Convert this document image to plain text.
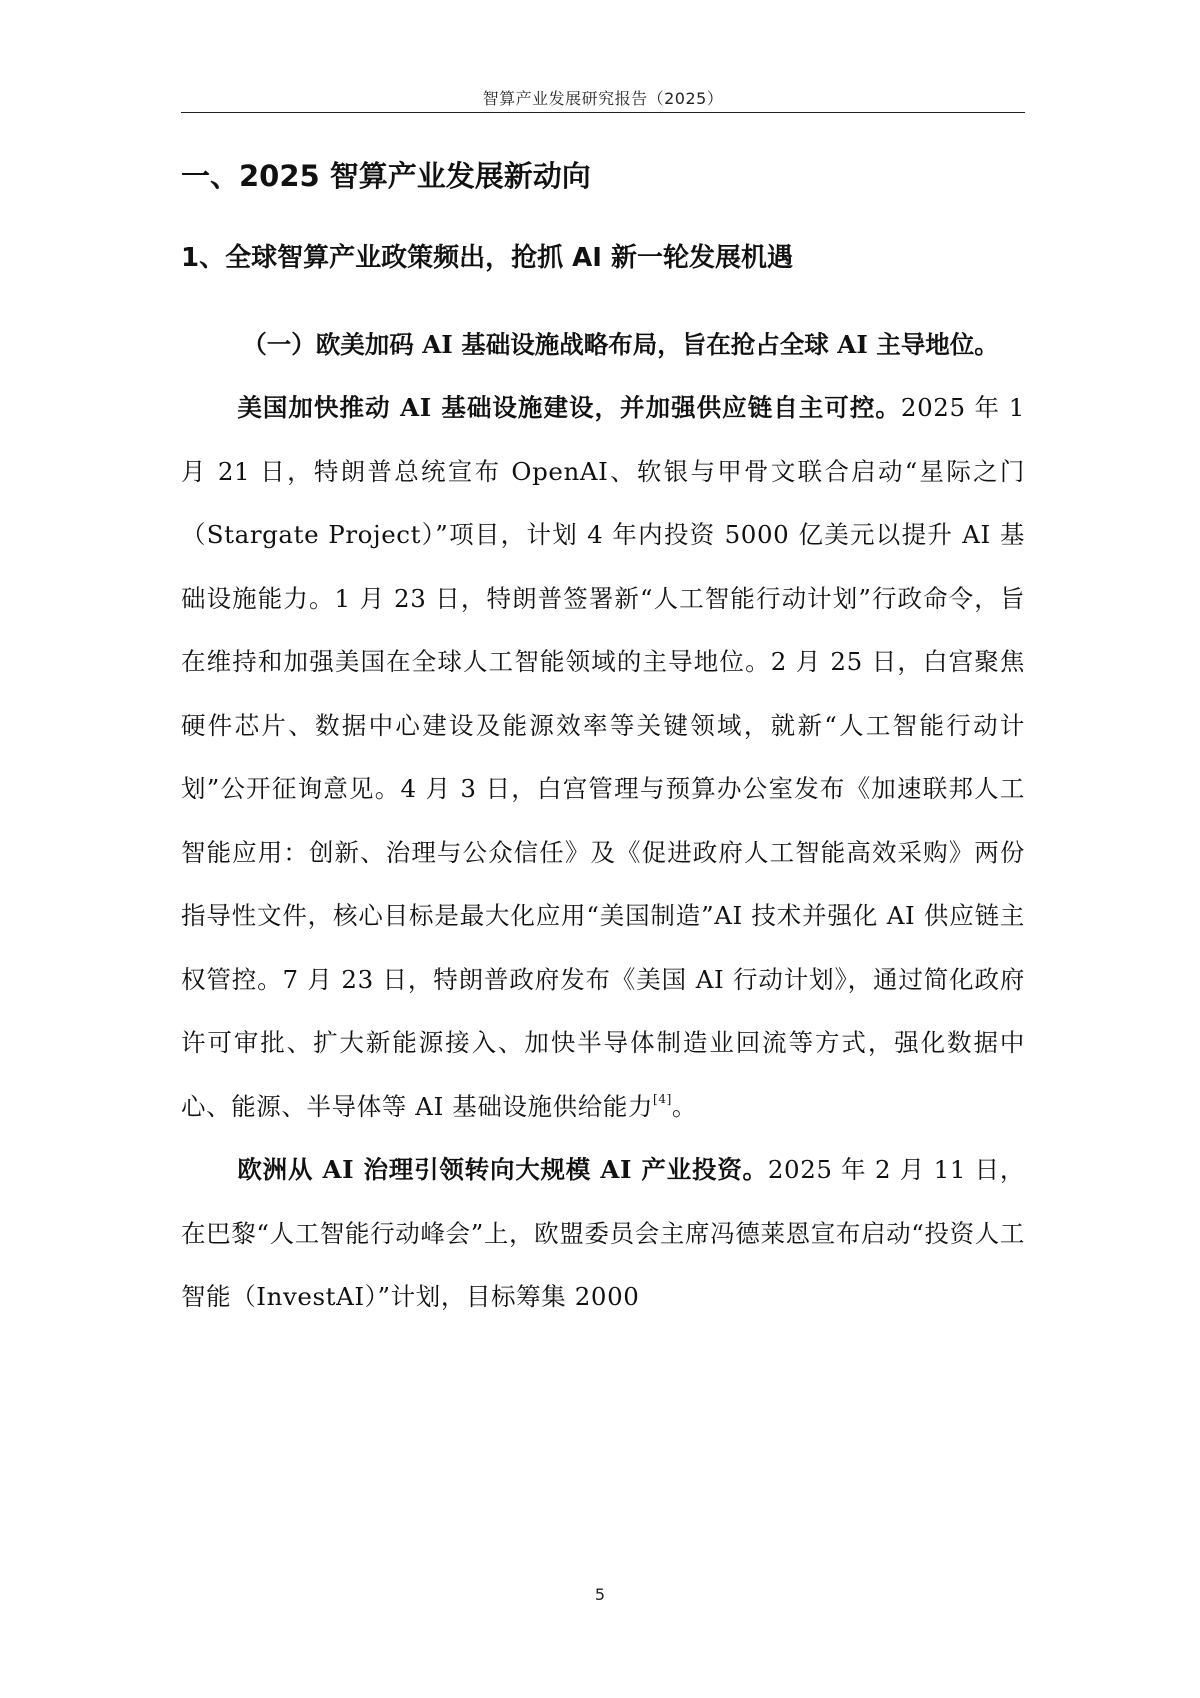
智算产业发展研究报告（2025）
一、2025 智算产业发展新动向
1、全球智算产业政策频出，抢抓 AI 新一轮发展机遇
（一）欧美加码 AI 基础设施战略布局，旨在抢占全球 AI 主导地位。

美国加快推动 AI 基础设施建设，并加强供应链自主可控。2025 年 1 月 21 日，特朗普总统宣布 OpenAI、软银与甲骨文联合启动“星际之门（Stargate Project）”项目，计划 4 年内投资 5000 亿美元以提升 AI 基础设施能力。1 月 23 日，特朗普签署新“人工智能行动计划”行政命令，旨在维持和加强美国在全球人工智能领域的主导地位。2 月 25 日，白宫聚焦硬件芯片、数据中心建设及能源效率等关键领域，就新“人工智能行动计划”公开征询意见。4 月 3 日，白宫管理与预算办公室发布《加速联邦人工智能应用：创新、治理与公众信任》及《促进政府人工智能高效采购》两份指导性文件，核心目标是最大化应用“美国制造”AI 技术并强化 AI 供应链主权管控。7 月 23 日，特朗普政府发布《美国 AI 行动计划》，通过简化政府许可审批、扩大新能源接入、加快半导体制造业回流等方式，强化数据中心、能源、半导体等 AI 基础设施供给能力[4]。

欧洲从 AI 治理引领转向大规模 AI 产业投资。2025 年 2 月 11 日，在巴黎“人工智能行动峰会”上，欧盟委员会主席冯德莱恩宣布启动“投资人工智能（InvestAI）”计划，目标筹集 2000

5
